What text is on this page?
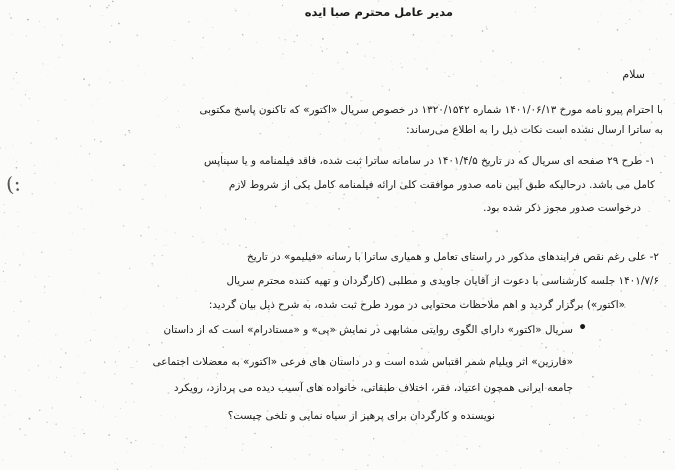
مدیر عامل محترم صبا ایده
سلام
با احترام پیرو نامه مورخ ۱۴۰۱/۰۶/۱۳ شماره ۱۳۲۰/۱۵۴۲ در خصوص سریال «اکتور» که تاکنون پاسخ مکتوبی
به ساترا ارسال نشده است نکات ذیل را به اطلاع می‌رساند:
۱- طرح ۲۹ صفحه ای سریال که در تاریخ ۱۴۰۱/۴/۵ در سامانه ساترا ثبت شده، فاقد فیلمنامه و یا سیناپس
کامل می باشد. در‌حالیکه طبق آیین نامه صدور موافقت کلی ارائه فیلمنامه کامل یکی از شروط لازم
درخواست صدور مجوز ذکر شده بود.
۲- علی رغم نقص فرایندهای مذکور در راستای تعامل و همیاری ساترا با رسانه «فیلیمو» در تاریخ
۱۴۰۱/۷/۶ جلسه کارشناسی با دعوت از آقایان جاویدی و مطلبی (کارگردان و تهیه کننده محترم سریال
«اکتور») برگزار گردید و اهم ملاحظات محتوایی در مورد طرح ثبت شده، به شرح ذیل بیان گردید:
•
سریال «اکتور» دارای الگوی روایتی مشابهی در نمایش «پی» و «مستادرام» است که از داستان
«فارزین» اثر ویلیام شمر اقتباس شده است و در داستان های فرعی «اکتور» به معضلات اجتماعی
جامعه ایرانی همچون اعتیاد، فقر، اختلاف طبقاتی، خانواده های آسیب دیده می پردازد، رویکرد
نویسنده و کارگردان برای پرهیز از سیاه نمایی و تلخی چیست؟
(:
